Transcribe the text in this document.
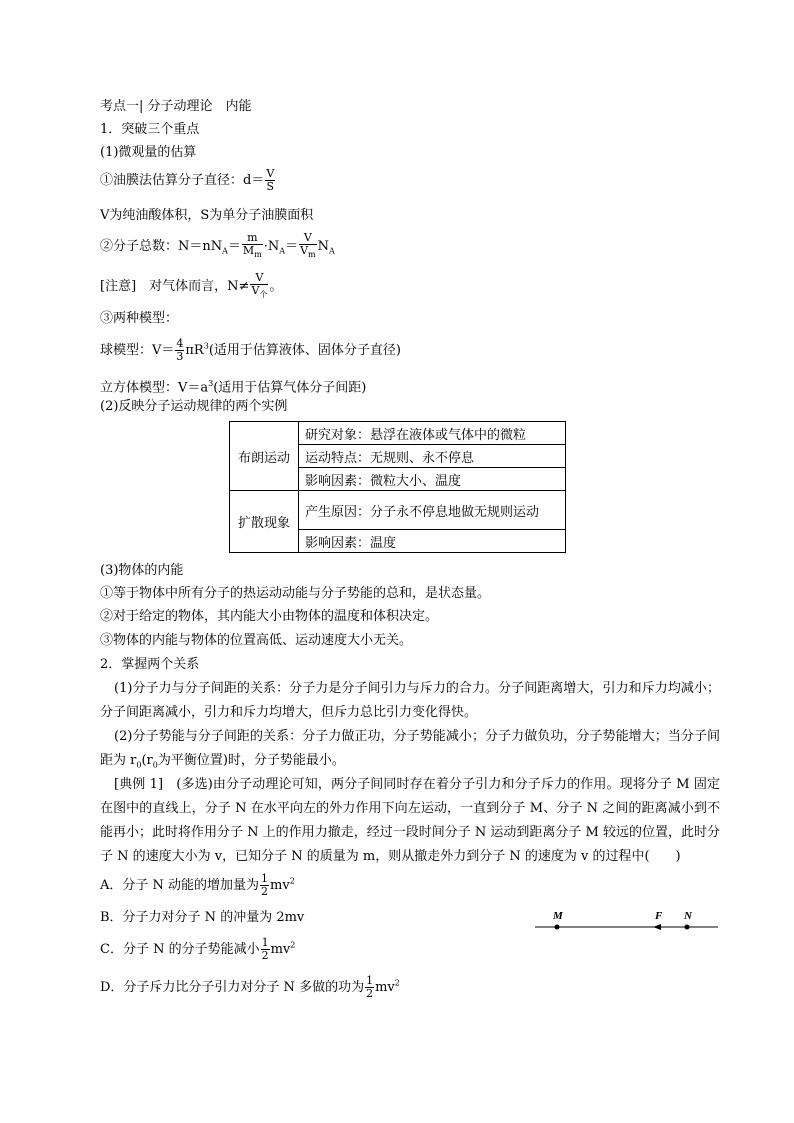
考点一| 分子动理论　内能
1．突破三个重点
(1)微观量的估算
①油膜法估算分子直径：$d= \frac{V}{S}$
V为纯油酸体积，S为单分子油膜面积
②分子总数：$N=nN_A= \frac{m}{M_m} \cdot N_A= \frac{V}{V_m} N_A$
[注意]　对气体而言，$N\ne \frac{V}{V_个}$ 。
③两种模型：
球模型：$V= \frac{4}{3} \pi R^3$(适用于估算液体、固体分子直径)
立方体模型：$V=a^3$(适用于估算气体分子间距)
(2)反映分子运动规律的两个实例
布朗运动	研究对象：悬浮在液体或气体中的微粒
	运动特点：无规则、永不停息
	影响因素：微粒大小、温度
扩散现象	产生原因：分子永不停息地做无规则运动
	影响因素：温度
(3)物体的内能
①等于物体中所有分子的热运动动能与分子势能的总和，是状态量。
②对于给定的物体，其内能大小由物体的温度和体积决定。
③物体的内能与物体的位置高低、运动速度大小无关。
2．掌握两个关系
(1)分子力与分子间距的关系：分子力是分子间引力与斥力的合力。分子间距离增大，引力和斥力均减小；分子间距离减小，引力和斥力均增大，但斥力总比引力变化得快。
(2)分子势能与分子间距的关系：分子力做正功，分子势能减小；分子力做负功，分子势能增大；当分子间距为 $r_0(r_0$为平衡位置)时，分子势能最小。
[典例 1]　(多选)由分子动理论可知，两分子间同时存在着分子引力和分子斥力的作用。现将分子 M 固定在图中的直线上，分子 N 在水平向左的外力作用下向左运动，一直到分子 M、分子 N 之间的距离减小到不能再小；此时将作用分子 N 上的作用力撤走，经过一段时间分子 N 运动到距离分子 M 较远的位置，此时分子 N 的速度大小为 v，已知分子 N 的质量为 m，则从撤走外力到分子 N 的速度为 v 的过程中(　　)
A．分子 N 动能的增加量为 $\frac{1}{2} mv^2$
B．分子力对分子 N 的冲量为 2mv
C．分子 N 的分子势能减小 $\frac{1}{2} mv^2$
D．分子斥力比分子引力对分子 N 多做的功为 $\frac{1}{2} mv^2$
M	F N
